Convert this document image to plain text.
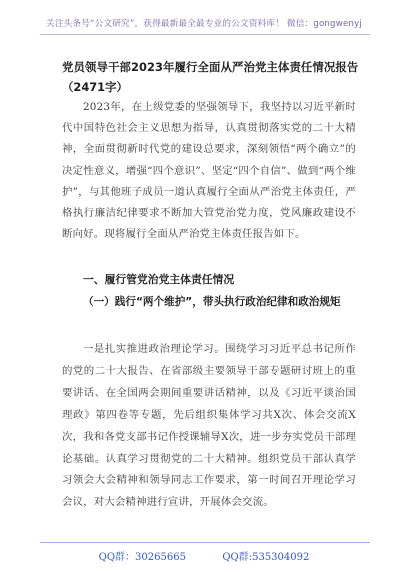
关注头条号“公文研究”，获得最新最全最专业的公文资料库！ 微信：gongwenyj
党员领导干部2023年履行全面从严治党主体责任情况报告
（2471字）
2023年，在上级党委的坚强领导下，我坚持以习近平新时代中国特色社会主义思想为指导，认真贯彻落实党的二十大精神，全面贯彻新时代党的建设总要求，深刻领悟“两个确立”的决定性意义，增强“四个意识”、坚定“四个自信”、做到“两个维护”，与其他班子成员一道认真履行全面从严治党主体责任，严格执行廉洁纪律要求不断加大管党治党力度，党风廉政建设不断向好。现将履行全面从严治党主体责任报告如下。
一、履行管党治党主体责任情况
（一）践行“两个维护”，带头执行政治纪律和政治规矩
一是扎实推进政治理论学习。围绕学习习近平总书记所作的党的二十大报告、在省部级主要领导干部专题研讨班上的重要讲话、在全国两会期间重要讲话精神，以及《习近平谈治国理政》第四卷等专题，先后组织集体学习共X次、体会交流X次，我和各党支部书记作授课辅导X次，进一步夯实党员干部理论基础。认真学习贯彻党的二十大精神。组织党员干部认真学习领会大会精神和领导同志工作要求，第一时间召开理论学习会议，对大会精神进行宣讲，开展体会交流。
QQ群：30265665	QQ群:535304092
